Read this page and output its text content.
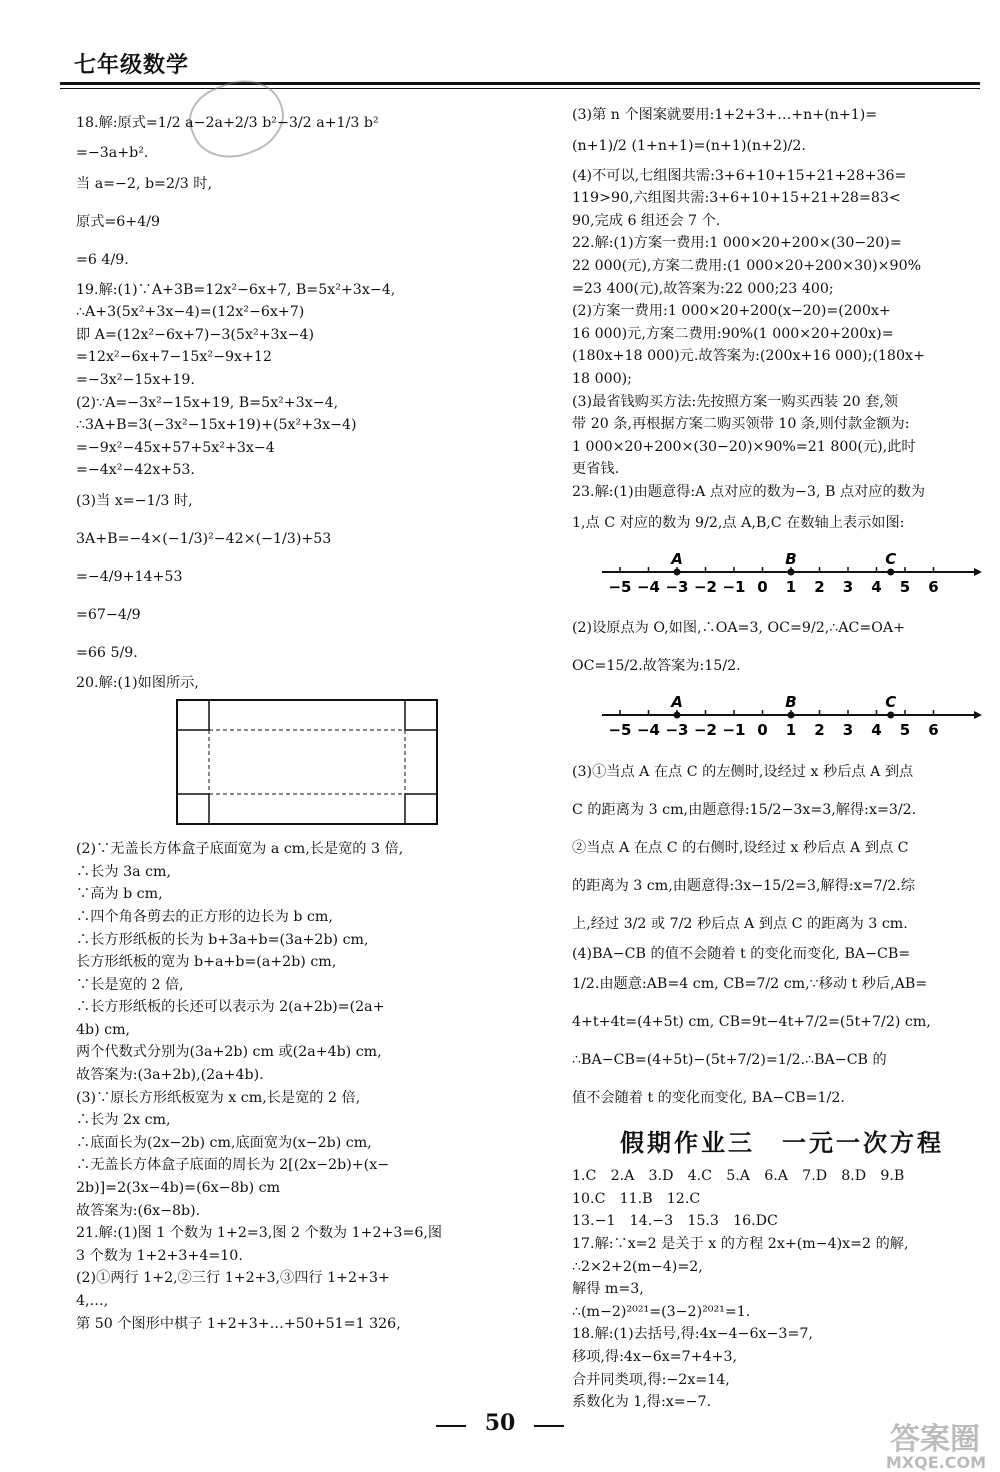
七年级数学
18.解:原式=1/2 a−2a+2/3 b²−3/2 a+1/3 b²
=−3a+b².
当 a=−2, b=2/3 时,
原式=6+4/9
=6 4/9.
19.解:(1)∵A+3B=12x²−6x+7, B=5x²+3x−4,
∴A+3(5x²+3x−4)=(12x²−6x+7)
即 A=(12x²−6x+7)−3(5x²+3x−4)
=12x²−6x+7−15x²−9x+12
=−3x²−15x+19.
(2)∵A=−3x²−15x+19, B=5x²+3x−4,
∴3A+B=3(−3x²−15x+19)+(5x²+3x−4)
=−9x²−45x+57+5x²+3x−4
=−4x²−42x+53.
(3)当 x=−1/3 时,
3A+B=−4×(−1/3)²−42×(−1/3)+53
=−4/9+14+53
=67−4/9
=66 5/9.
20.解:(1)如图所示,
(2)∵无盖长方体盒子底面宽为 a cm,长是宽的 3 倍,
∴长为 3a cm,
∵高为 b cm,
∴四个角各剪去的正方形的边长为 b cm,
∴长方形纸板的长为 b+3a+b=(3a+2b) cm,
长方形纸板的宽为 b+a+b=(a+2b) cm,
∵长是宽的 2 倍,
∴长方形纸板的长还可以表示为 2(a+2b)=(2a+
4b) cm,
两个代数式分别为(3a+2b) cm 或(2a+4b) cm,
故答案为:(3a+2b),(2a+4b).
(3)∵原长方形纸板宽为 x cm,长是宽的 2 倍,
∴长为 2x cm,
∴底面长为(2x−2b) cm,底面宽为(x−2b) cm,
∴无盖长方体盒子底面的周长为 2[(2x−2b)+(x−
2b)]=2(3x−4b)=(6x−8b) cm
故答案为:(6x−8b).
21.解:(1)图 1 个数为 1+2=3,图 2 个数为 1+2+3=6,图
3 个数为 1+2+3+4=10.
(2)①两行 1+2,②三行 1+2+3,③四行 1+2+3+
4,…,
第 50 个图形中棋子 1+2+3+…+50+51=1 326,
(3)第 n 个图案就要用:1+2+3+…+n+(n+1)=
(n+1)/2 (1+n+1)=(n+1)(n+2)/2.
(4)不可以,七组图共需:3+6+10+15+21+28+36=
119>90,六组图共需:3+6+10+15+21+28=83<
90,完成 6 组还会 7 个.
22.解:(1)方案一费用:1 000×20+200×(30−20)=
22 000(元),方案二费用:(1 000×20+200×30)×90%
=23 400(元),故答案为:22 000;23 400;
(2)方案一费用:1 000×20+200(x−20)=(200x+
16 000)元,方案二费用:90%(1 000×20+200x)=
(180x+18 000)元.故答案为:(200x+16 000);(180x+
18 000);
(3)最省钱购买方法:先按照方案一购买西装 20 套,领
带 20 条,再根据方案二购买领带 10 条,则付款金额为:
1 000×20+200×(30−20)×90%=21 800(元),此时
更省钱.
23.解:(1)由题意得:A 点对应的数为−3, B 点对应的数为
1,点 C 对应的数为 9/2,点 A,B,C 在数轴上表示如图:
−5 −4 −3 −2 −1 0 1 2 3 4 5 6
A	B	C
(2)设原点为 O,如图,∴OA=3, OC=9/2,∴AC=OA+
OC=15/2.故答案为:15/2.
−5 −4 −3 −2 −1 0 1 2 3 4 5 6
A	B	C
(3)①当点 A 在点 C 的左侧时,设经过 x 秒后点 A 到点
C 的距离为 3 cm,由题意得:15/2−3x=3,解得:x=3/2.
②当点 A 在点 C 的右侧时,设经过 x 秒后点 A 到点 C
的距离为 3 cm,由题意得:3x−15/2=3,解得:x=7/2.综
上,经过 3/2 或 7/2 秒后点 A 到点 C 的距离为 3 cm.
(4)BA−CB 的值不会随着 t 的变化而变化, BA−CB=
1/2.由题意:AB=4 cm, CB=7/2 cm,∵移动 t 秒后,AB=
4+t+4t=(4+5t) cm, CB=9t−4t+7/2=(5t+7/2) cm,
∴BA−CB=(4+5t)−(5t+7/2)=1/2.∴BA−CB 的
值不会随着 t 的变化而变化, BA−CB=1/2.
假期作业三　一元一次方程
1.C　2.A　3.D　4.C　5.A　6.A　7.D　8.D　9.B
10.C　11.B　12.C
13.−1　14.−3　15.3　16.DC
17.解:∵x=2 是关于 x 的方程 2x+(m−4)x=2 的解,
∴2×2+2(m−4)=2,
解得 m=3,
∴(m−2)²⁰²¹=(3−2)²⁰²¹=1.
18.解:(1)去括号,得:4x−4−6x−3=7,
移项,得:4x−6x=7+4+3,
合并同类项,得:−2x=14,
系数化为 1,得:x=−7.
50	答案圈
MXQE.COM
